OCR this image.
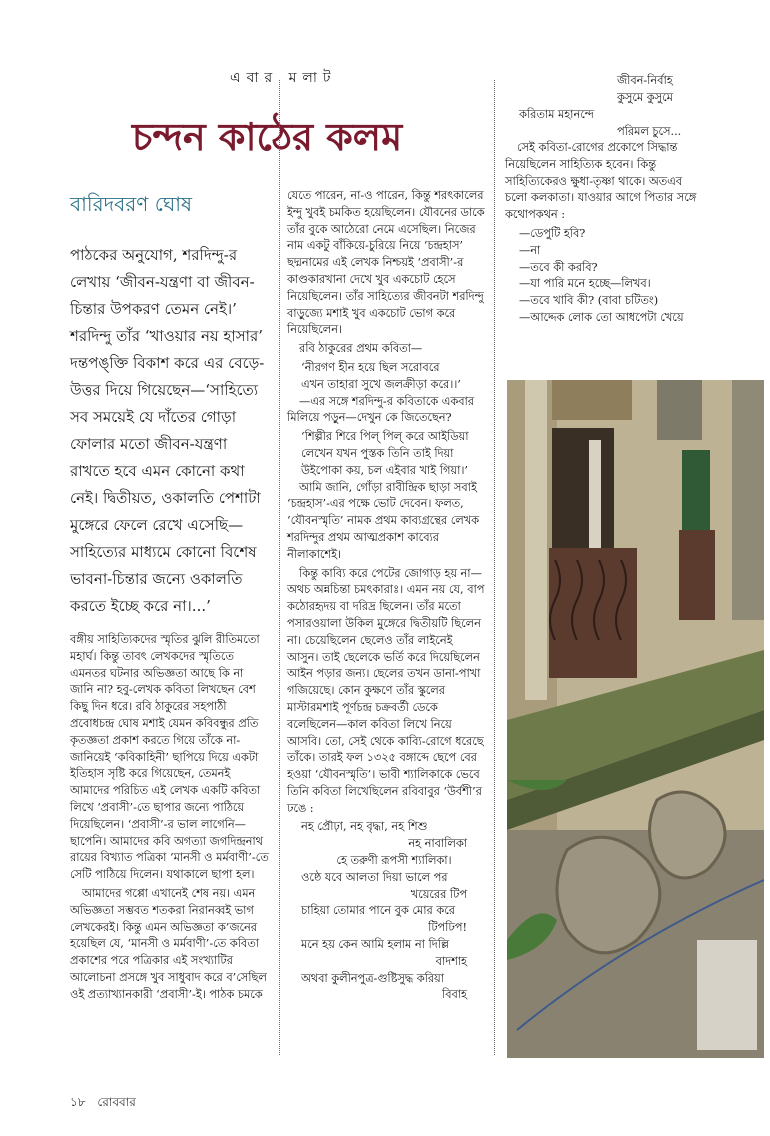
এবার মলাট
চন্দন কাঠের কলম
বারিদবরণ ঘোষ

পাঠকের অনুযোগ, শরদিন্দু-র লেখায় ‘জীবন-যন্ত্রণা বা জীবন-চিন্তার উপকরণ তেমন নেই।’ শরদিন্দু তাঁর ‘খাওয়ার নয় হাসার’ দন্তপঙ্‌ক্তি বিকাশ করে এর বেড়ে-উত্তর দিয়ে গিয়েছেন—‘সাহিত্যে সব সময়েই যে দাঁতের গোড়া ফোলার মতো জীবন-যন্ত্রণা রাখতে হবে এমন কোনো কথা নেই। দ্বিতীয়ত, ওকালতি পেশাটা মুঙ্গেরে ফেলে রেখে এসেছি—সাহিত্যের মাধ্যমে কোনো বিশেষ ভাবনা-চিন্তার জন্যে ওকালতি করতে ইচ্ছে করে না।...’

বঙ্গীয় সাহিত্যিকদের স্মৃতির ঝুলি রীতিমতো মহার্ঘ। কিন্তু তাবৎ লেখকদের স্মৃতিতে এমনতর ঘটনার অভিজ্ঞতা আছে কি না জানি না? হবু-লেখক কবিতা লিখছেন বেশ কিছু দিন ধরে। রবি ঠাকুরের সহপাঠী প্রবোধচন্দ্র ঘোষ মশাই যেমন কবিবন্ধুর প্রতি কৃতজ্ঞতা প্রকাশ করতে গিয়ে তাঁকে না-জানিয়েই ‘কবিকাহিনী’ ছাপিয়ে দিয়ে একটা ইতিহাস সৃষ্টি করে গিয়েছেন, তেমনই আমাদের পরিচিত এই লেখক একটি কবিতা লিখে ‘প্রবাসী’-তে ছাপার জন্যে পাঠিয়ে দিয়েছিলেন। ‘প্রবাসী’-র ভাল লাগেনি—ছাপেনি। আমাদের কবি অগত্যা জগদিন্দ্রনাথ রায়ের বিখ্যাত পত্রিকা ‘মানসী ও মর্মবাণী’-তে সেটি পাঠিয়ে দিলেন। যথাকালে ছাপা হল।

আমাদের গপ্পো এখানেই শেষ নয়। এমন অভিজ্ঞতা সম্ভবত শতকরা নিরানব্বই ভাগ লেখকেরই। কিন্তু এমন অভিজ্ঞতা ক’জনের হয়েছিল যে, ‘মানসী ও মর্মবাণী’-তে কবিতা প্রকাশের পরে পত্রিকার এই সংখ্যাটির আলোচনা প্রসঙ্গে খুব সাধুবাদ করে ব’সেছিল ওই প্রত্যাখ্যানকারী ‘প্রবাসী’-ই। পাঠক চমকে

যেতে পারেন, না-ও পারেন, কিন্তু শরৎকালের ইন্দু খুবই চমকিত হয়েছিলেন। যৌবনের ডাকে তাঁর বুকে আঠেরো নেমে এসেছিল। নিজের নাম একটু বাঁকিয়ে-চুরিয়ে নিয়ে ‘চন্দ্রহাস’ ছদ্মনামের এই লেখক নিশ্চয়ই ‘প্রবাসী’-র কাণ্ডকারখানা দেখে খুব একচোট হেসে নিয়েছিলেন। তাঁর সাহিত্যের জীবনটা শরদিন্দু বাড়ুজ্যে মশাই খুব একচোট ভোগ করে নিয়েছিলেন।

রবি ঠাকুরের প্রথম কবিতা—

‘নীরগণ হীন হয়ে ছিল সরোবরে
এখন তাহারা সুখে জলক্রীড়া করে।।’

—এর সঙ্গে শরদিন্দু-র কবিতাকে একবার মিলিয়ে পড়ুন—দেখুন কে জিতেছেন?

‘শিল্পীর শিরে পিল্ পিল্ করে আইডিয়া
লেখেন যখন পুস্তক তিনি তাই দিয়া
উইপোকা কয়, চল এইবার খাই গিয়া।’

আমি জানি, গোঁড়া রাবীন্দ্রিক ছাড়া সবাই ‘চন্দ্রহাস’-এর পক্ষে ভোট দেবেন। ফলত, ‘যৌবনস্মৃতি’ নামক প্রথম কাব্যগ্রন্থের লেখক শরদিন্দুর প্রথম আত্মপ্রকাশ কাব্যের নীলাকাশেই।

কিন্তু কাব্যি করে পেটের জোগাড় হয় না—অথচ অন্নচিন্তা চমৎকারাঃ। এমন নয় যে, বাপ কঠোরহৃদয় বা দরিদ্র ছিলেন। তাঁর মতো পসারওয়ালা উকিল মুঙ্গেরে দ্বিতীয়টি ছিলেন না। চেয়েছিলেন ছেলেও তাঁর লাইনেই আসুন। তাই ছেলেকে ভর্তি করে দিয়েছিলেন আইন পড়ার জন্য। ছেলের তখন ডানা-পাখা গজিয়েছে। কোন কুক্ষণে তাঁর স্কুলের মাস্টারমশাই পূর্ণচন্দ্র চক্রবর্তী ডেকে বলেছিলেন—কাল কবিতা লিখে নিয়ে আসবি। তো, সেই থেকে কাব্যি-রোগে ধরেছে তাঁকে। তারই ফল ১৩২৫ বঙ্গাব্দে ছেপে বের হওয়া ‘যৌবনস্মৃতি’। ভাবী শ্যালিকাকে ভেবে তিনি কবিতা লিখেছিলেন রবিবাবুর ‘উর্বশী’র ঢঙে :

নহ প্রৌঢ়া, নহ বৃদ্ধা, নহ শিশু
নহ নাবালিকা
হে তরুণী রূপসী শ্যালিকা।
ওষ্ঠে যবে আলতা দিয়া ভালে পর
খয়েরের টিপ
চাহিয়া তোমার পানে বুক মোর করে
টিপঢিপ!
মনে হয় কেন আমি হলাম না দিল্লি
বাদশাহ
অথবা কুলীনপুত্র-গুষ্টিসুদ্ধ করিয়া
বিবাহ
জীবন-নির্বাহ
কুসুমে কুসুমে
করিতাম মহানন্দে
পরিমল চুসে...

সেই কবিতা-রোগের প্রকোপে সিদ্ধান্ত নিয়েছিলেন সাহিত্যিক হবেন। কিন্তু সাহিত্যিকেরও ক্ষুধা-তৃষ্ণা থাকে। অতএব চলো কলকাতা। যাওয়ার আগে পিতার সঙ্গে কথোপকথন :

—ডেপুটি হবি?
—না
—তবে কী করবি?
—যা পারি মনে হচ্ছে—লিখব।
—তবে খাবি কী? (বাবা চটিতং)
—আদ্দেক লোক তো আধপেটা খেয়ে
১৮ রোববার
